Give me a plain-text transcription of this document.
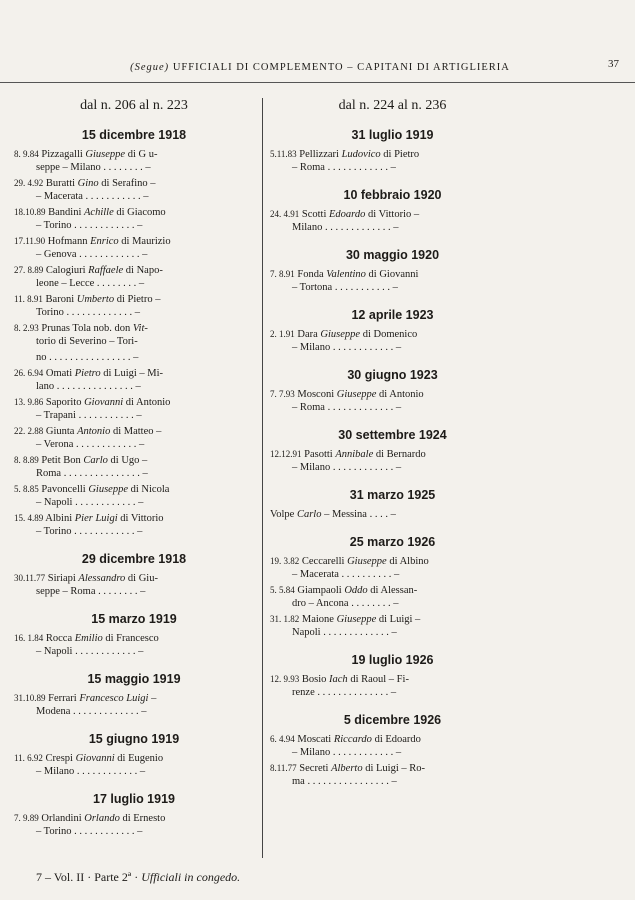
(Segue) UFFICIALI DI COMPLEMENTO – CAPITANI DI ARTIGLIERIA	37
dal n. 206 al n. 223
15 dicembre 1918
8. 9.84 Pizzagalli Giuseppe di G u-
seppe – Milano . . . . . . . . –
29. 4.92 Buratti Gino di Serafino –
– Macerata . . . . . . . . . . . –
18.10.89 Bandini Achille di Giacomo
– Torino . . . . . . . . . . . . –
17.11.90 Hofmann Enrico di Maurizio
– Genova . . . . . . . . . . . . –
27. 8.89 Calogiuri Raffaele di Napo-
leone – Lecce . . . . . . . . –
11. 8.91 Baroni Umberto di Pietro –
Torino . . . . . . . . . . . . . –
8. 2.93 Prunas Tola nob. don Vit-
torio di Severino – Tori-
no . . . . . . . . . . . . . . . . –
26. 6.94 Omati Pietro di Luigi – Mi-
lano . . . . . . . . . . . . . . . –
13. 9.86 Saporito Giovanni di Antonio
– Trapani . . . . . . . . . . . –
22. 2.88 Giunta Antonio di Matteo –
– Verona . . . . . . . . . . . . –
8. 8.89 Petit Bon Carlo di Ugo –
Roma . . . . . . . . . . . . . . . –
5. 8.85 Pavoncelli Giuseppe di Nicola
– Napoli . . . . . . . . . . . . –
15. 4.89 Albini Pier Luigi di Vittorio
– Torino . . . . . . . . . . . . –
29 dicembre 1918
30.11.77 Siriapi Alessandro di Giu-
seppe – Roma . . . . . . . . –
15 marzo 1919
16. 1.84 Rocca Emilio di Francesco
– Napoli . . . . . . . . . . . . –
15 maggio 1919
31.10.89 Ferrari Francesco Luigi –
Modena . . . . . . . . . . . . . –
15 giugno 1919
11. 6.92 Crespi Giovanni di Eugenio
– Milano . . . . . . . . . . . . –
17 luglio 1919
7. 9.89 Orlandini Orlando di Ernesto
– Torino . . . . . . . . . . . . –
dal n. 224 al n. 236
31 luglio 1919
5.11.83 Pellizzari Ludovico di Pietro
– Roma . . . . . . . . . . . . –
10 febbraio 1920
24. 4.91 Scotti Edoardo di Vittorio –
Milano . . . . . . . . . . . . . –
30 maggio 1920
7. 8.91 Fonda Valentino di Giovanni
– Tortona . . . . . . . . . . . –
12 aprile 1923
2. 1.91 Dara Giuseppe di Domenico
– Milano . . . . . . . . . . . . –
30 giugno 1923
7. 7.93 Mosconi Giuseppe di Antonio
– Roma . . . . . . . . . . . . . –
30 settembre 1924
12.12.91 Pasotti Annibale di Bernardo
– Milano . . . . . . . . . . . . –
31 marzo 1925
Volpe Carlo – Messina . . . . –
25 marzo 1926
19. 3.82 Ceccarelli Giuseppe di Albino
– Macerata . . . . . . . . . . –
5. 5.84 Giampaoli Oddo di Alessan-
dro – Ancona . . . . . . . . –
31. 1.82 Maione Giuseppe di Luigi –
Napoli . . . . . . . . . . . . . –
19 luglio 1926
12. 9.93 Bosio Iach di Raoul – Fi-
renze . . . . . . . . . . . . . . –
5 dicembre 1926
6. 4.94 Moscati Riccardo di Edoardo
– Milano . . . . . . . . . . . . –
8.11.77 Secreti Alberto di Luigi – Ro-
ma . . . . . . . . . . . . . . . . –
7 – Vol. II · Parte 2ª · Ufficiali in congedo.
